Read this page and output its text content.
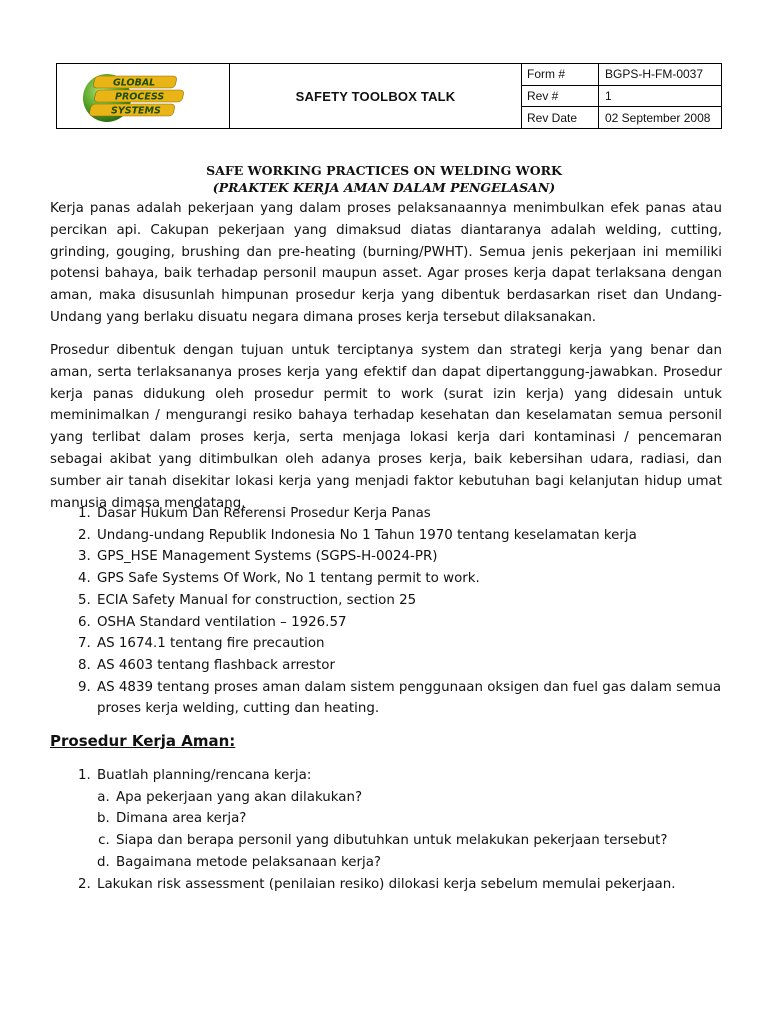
GLOBAL
PROCESS
SYSTEMS
SAFETY TOOLBOX TALK
Form #	BGPS-H-FM-0037
Rev #	1
Rev Date	02 September 2008
SAFE WORKING PRACTICES ON WELDING WORK
(PRAKTEK KERJA AMAN DALAM PENGELASAN)
Kerja panas adalah pekerjaan yang dalam proses pelaksanaannya menimbulkan efek panas atau percikan api. Cakupan pekerjaan yang dimaksud diatas diantaranya adalah welding, cutting, grinding, gouging, brushing dan pre-heating (burning/PWHT). Semua jenis pekerjaan ini memiliki potensi bahaya, baik terhadap personil maupun asset. Agar proses kerja dapat terlaksana dengan aman, maka disusunlah himpunan prosedur kerja yang dibentuk berdasarkan riset dan Undang-Undang yang berlaku disuatu negara dimana proses kerja tersebut dilaksanakan.
Prosedur dibentuk dengan tujuan untuk terciptanya system dan strategi kerja yang benar dan aman, serta terlaksananya proses kerja yang efektif dan dapat dipertanggung-jawabkan. Prosedur kerja panas didukung oleh prosedur permit to work (surat izin kerja) yang didesain untuk meminimalkan / mengurangi resiko bahaya terhadap kesehatan dan keselamatan semua personil yang terlibat dalam proses kerja, serta menjaga lokasi kerja dari kontaminasi / pencemaran sebagai akibat yang ditimbulkan oleh adanya proses kerja, baik kebersihan udara, radiasi, dan sumber air tanah disekitar lokasi kerja yang menjadi faktor kebutuhan bagi kelanjutan hidup umat manusia dimasa mendatang.
1. Dasar Hukum Dan Referensi Prosedur Kerja Panas
2. Undang-undang Republik Indonesia No 1 Tahun 1970 tentang keselamatan kerja
3. GPS_HSE Management Systems (SGPS-H-0024-PR)
4. GPS Safe Systems Of Work, No 1 tentang permit to work.
5. ECIA Safety Manual for construction, section 25
6. OSHA Standard ventilation – 1926.57
7. AS 1674.1 tentang fire precaution
8. AS 4603 tentang flashback arrestor
9. AS 4839 tentang proses aman dalam sistem penggunaan oksigen dan fuel gas dalam semua proses kerja welding, cutting dan heating.
Prosedur Kerja Aman:
1. Buatlah planning/rencana kerja:
a. Apa pekerjaan yang akan dilakukan?
b. Dimana area kerja?
c. Siapa dan berapa personil yang dibutuhkan untuk melakukan pekerjaan tersebut?
d. Bagaimana metode pelaksanaan kerja?
2. Lakukan risk assessment (penilaian resiko) dilokasi kerja sebelum memulai pekerjaan.
